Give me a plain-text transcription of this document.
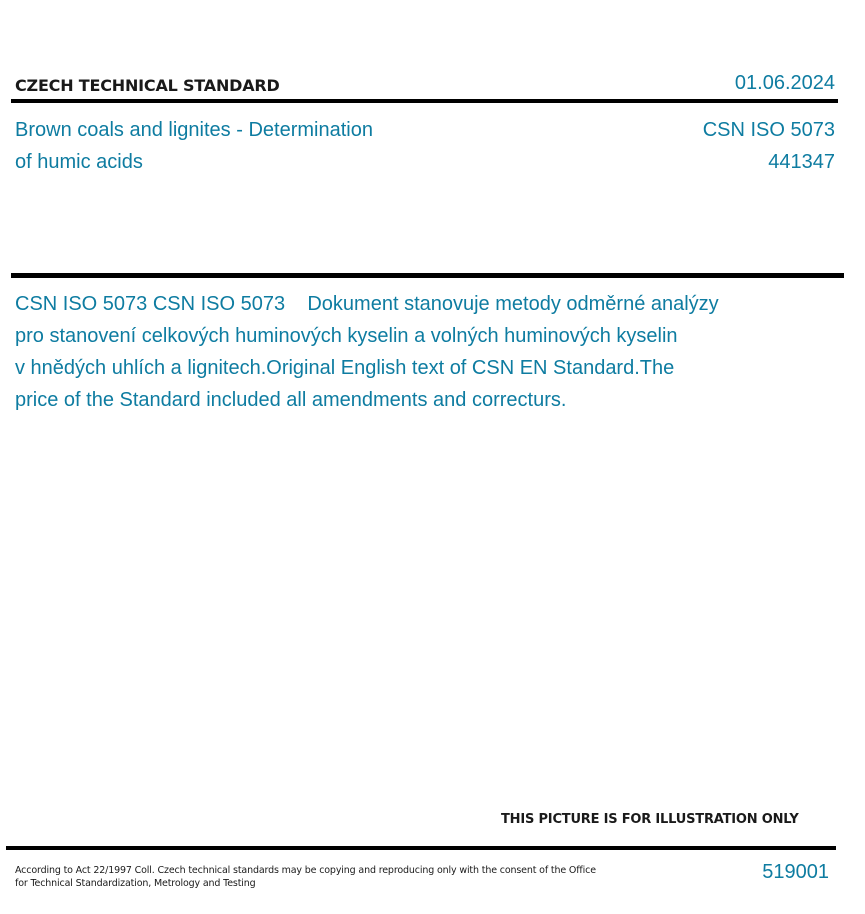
CZECH TECHNICAL STANDARD	01.06.2024
Brown coals and lignites - Determination
of humic acids
CSN ISO 5073
441347
CSN ISO 5073 CSN ISO 5073    Dokument stanovuje metody odměrné analýzy
pro stanovení celkových huminových kyselin a volných huminových kyselin
v hnědých uhlích a lignitech.Original English text of CSN EN Standard.The
price of the Standard included all amendments and correcturs.
THIS PICTURE IS FOR ILLUSTRATION ONLY
According to Act 22/1997 Coll. Czech technical standards may be copying and reproducing only with the consent of the Office
for Technical Standardization, Metrology and Testing
519001
